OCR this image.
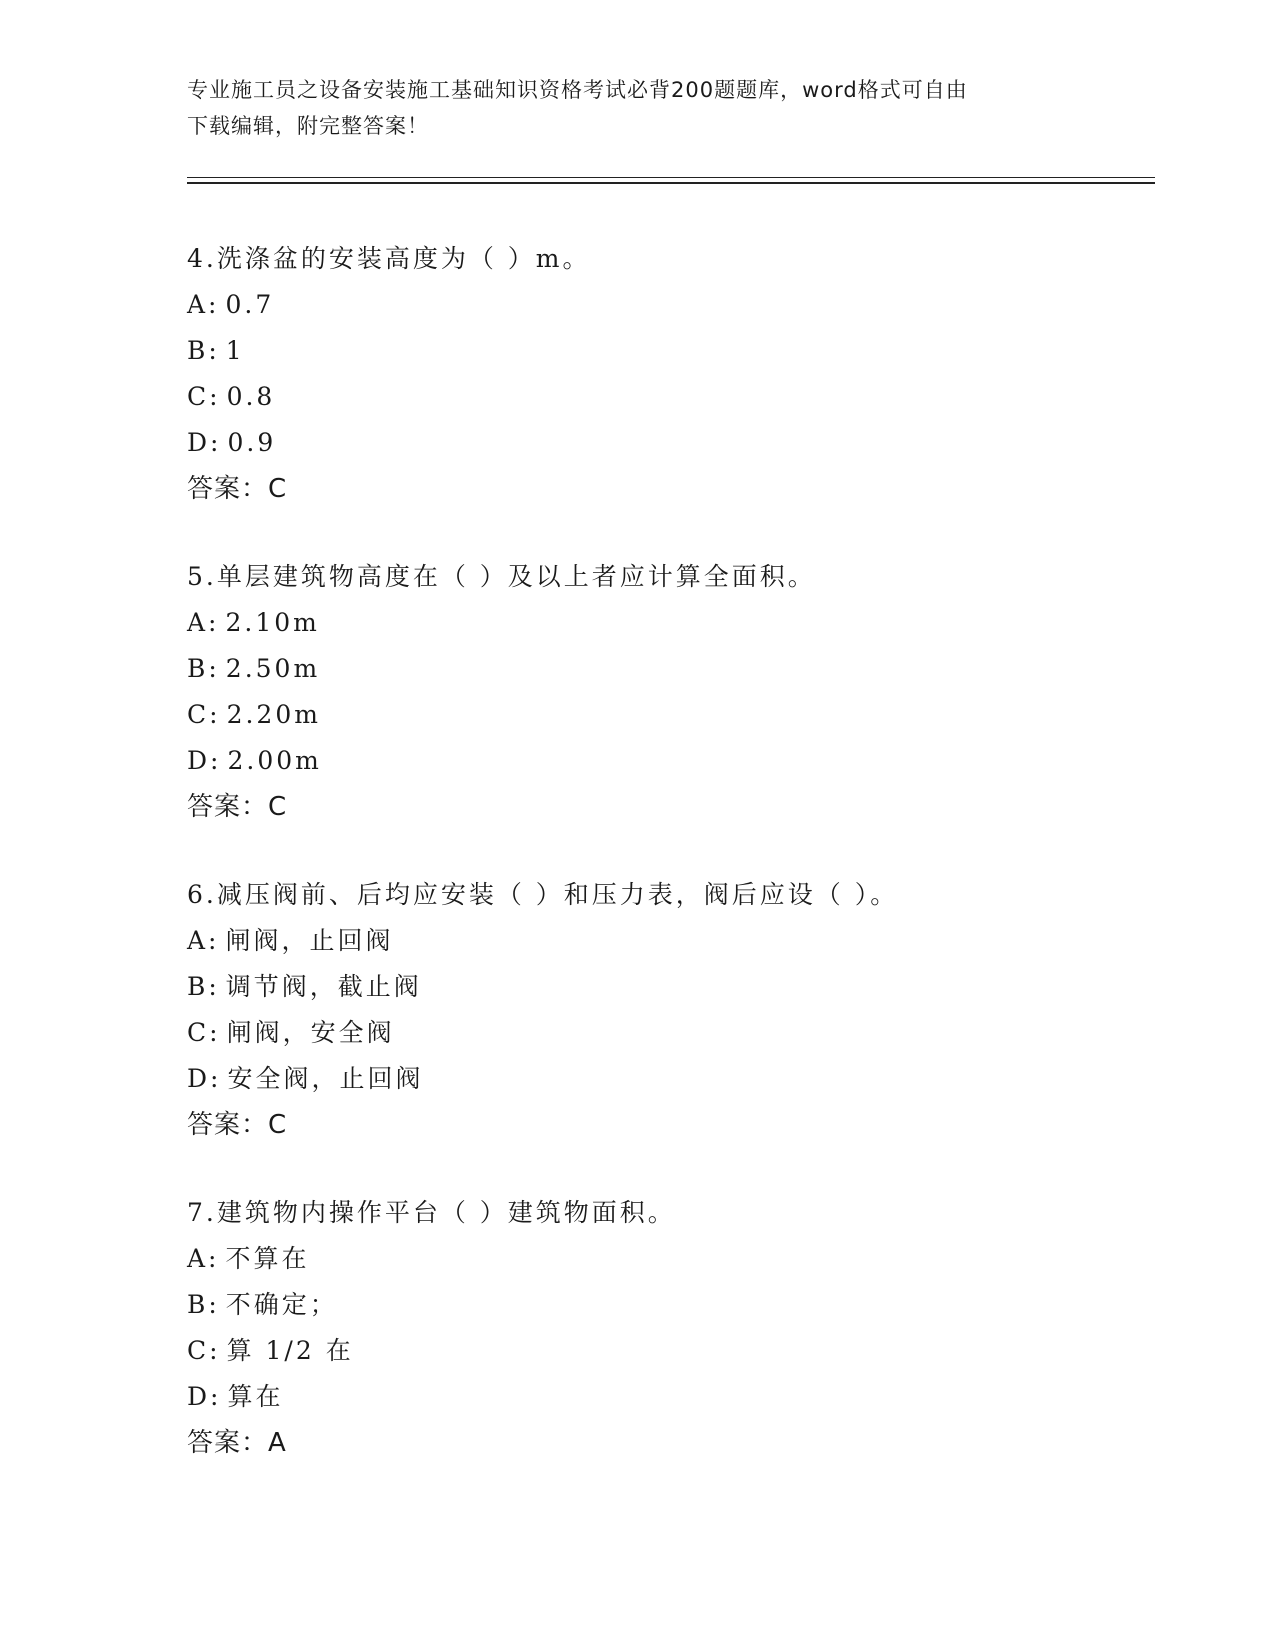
专业施工员之设备安装施工基础知识资格考试必背200题题库，word格式可自由
下载编辑，附完整答案！
4.洗涤盆的安装高度为（ ）m。
A: 0.7
B: 1
C: 0.8
D: 0.9
答案：C
5.单层建筑物高度在（ ）及以上者应计算全面积。
A: 2.10m
B: 2.50m
C: 2.20m
D: 2.00m
答案：C
6.减压阀前、后均应安装（ ）和压力表，阀后应设（ ）。
A: 闸阀，止回阀
B: 调节阀，截止阀
C: 闸阀，安全阀
D: 安全阀，止回阀
答案：C
7.建筑物内操作平台（ ）建筑物面积。
A: 不算在
B: 不确定；
C: 算 1/2 在
D: 算在
答案：A
